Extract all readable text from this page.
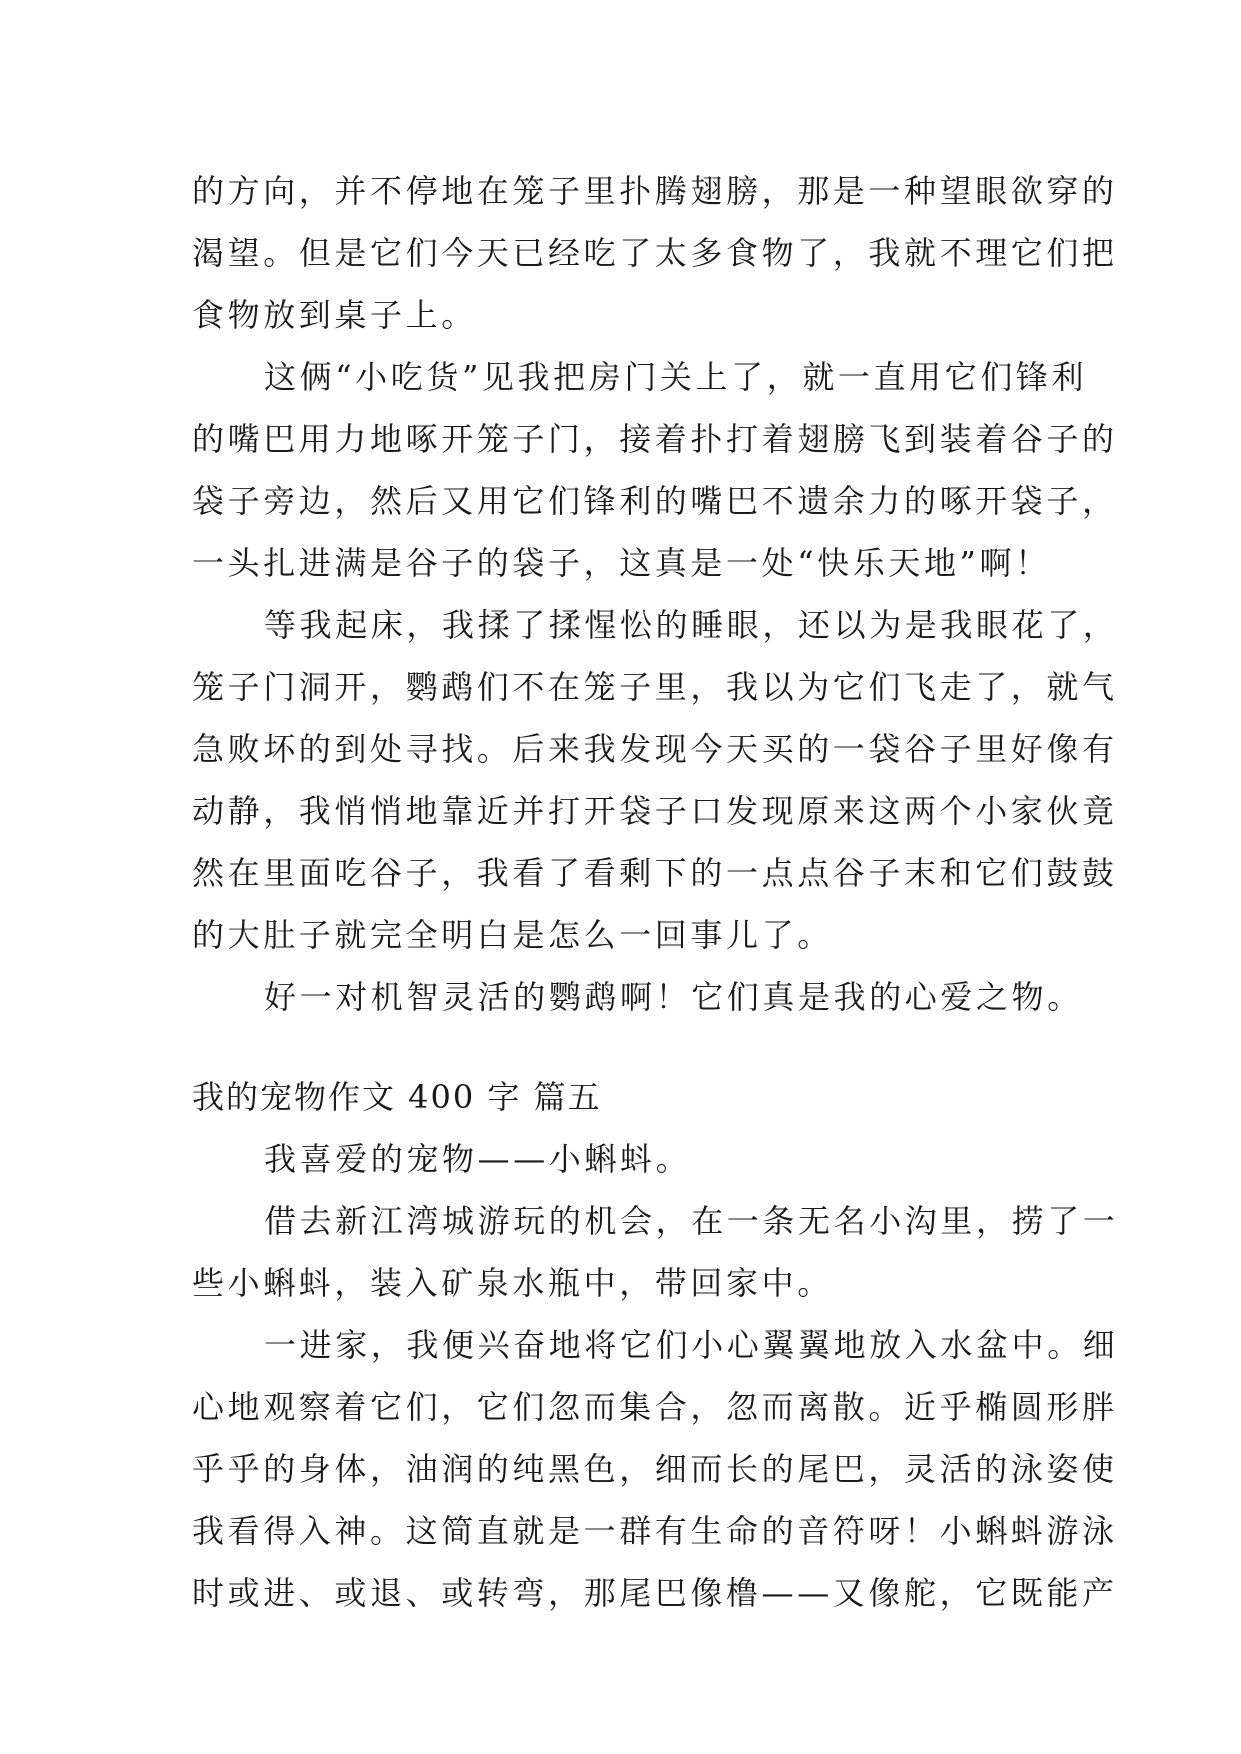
的方向，并不停地在笼子里扑腾翅膀，那是一种望眼欲穿的
渴望。但是它们今天已经吃了太多食物了，我就不理它们把
食物放到桌子上。
这俩“小吃货”见我把房门关上了，就一直用它们锋利
的嘴巴用力地啄开笼子门，接着扑打着翅膀飞到装着谷子的
袋子旁边，然后又用它们锋利的嘴巴不遗余力的啄开袋子，
一头扎进满是谷子的袋子，这真是一处“快乐天地”啊！
等我起床，我揉了揉惺忪的睡眼，还以为是我眼花了，
笼子门洞开，鹦鹉们不在笼子里，我以为它们飞走了，就气
急败坏的到处寻找。后来我发现今天买的一袋谷子里好像有
动静，我悄悄地靠近并打开袋子口发现原来这两个小家伙竟
然在里面吃谷子，我看了看剩下的一点点谷子末和它们鼓鼓
的大肚子就完全明白是怎么一回事儿了。
好一对机智灵活的鹦鹉啊！它们真是我的心爱之物。
我的宠物作文 400 字 篇五
我喜爱的宠物——小蝌蚪。
借去新江湾城游玩的机会，在一条无名小沟里，捞了一
些小蝌蚪，装入矿泉水瓶中，带回家中。
一进家，我便兴奋地将它们小心翼翼地放入水盆中。细
心地观察着它们，它们忽而集合，忽而离散。近乎椭圆形胖
乎乎的身体，油润的纯黑色，细而长的尾巴，灵活的泳姿使
我看得入神。这简直就是一群有生命的音符呀！小蝌蚪游泳
时或进、或退、或转弯，那尾巴像橹——又像舵，它既能产
